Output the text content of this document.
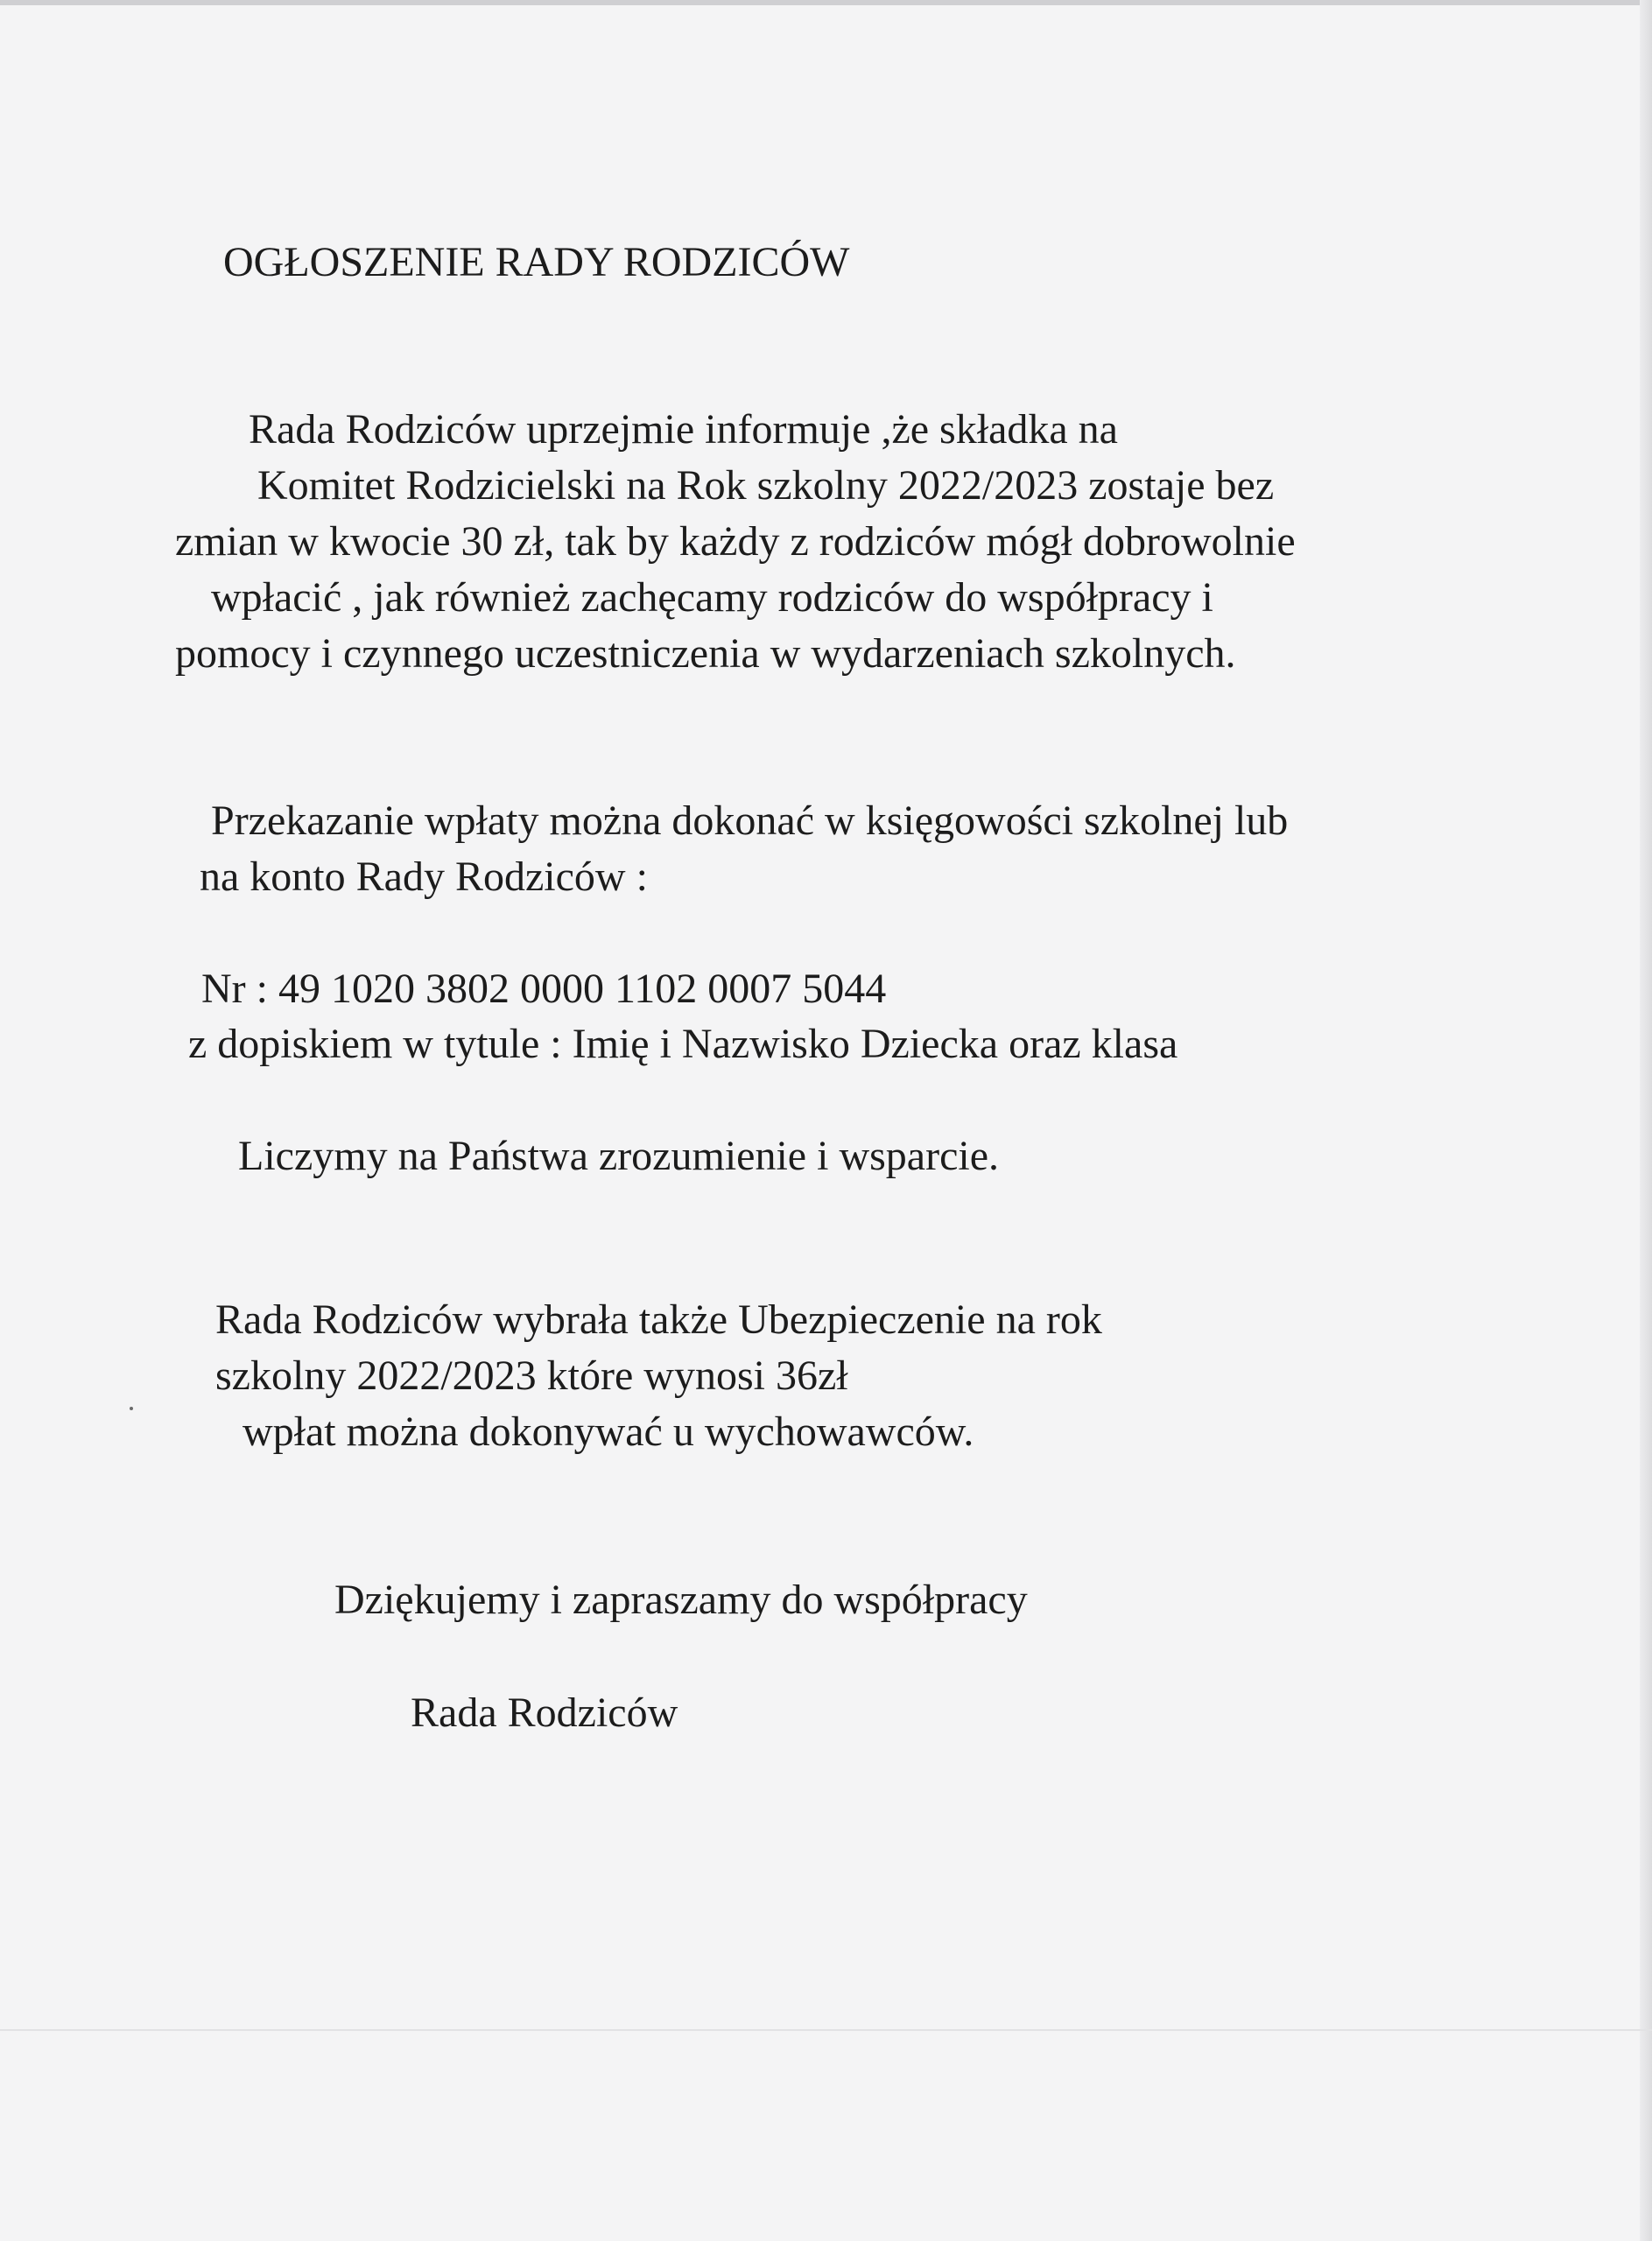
OGŁOSZENIE RADY RODZICÓW
Rada Rodziców uprzejmie informuje ,że składka na
Komitet Rodzicielski na Rok szkolny 2022/2023 zostaje bez
zmian w kwocie 30 zł, tak by każdy z rodziców mógł dobrowolnie
wpłacić , jak również zachęcamy rodziców do współpracy i
pomocy i czynnego uczestniczenia w wydarzeniach szkolnych.
Przekazanie wpłaty można dokonać w księgowości szkolnej lub
na konto Rady Rodziców :
Nr : 49 1020 3802 0000 1102 0007 5044
z dopiskiem w tytule : Imię i Nazwisko Dziecka oraz klasa
Liczymy na Państwa zrozumienie i wsparcie.
Rada Rodziców wybrała także Ubezpieczenie na rok
szkolny 2022/2023 które wynosi 36zł
wpłat można dokonywać u wychowawców.
Dziękujemy i zapraszamy do współpracy
Rada Rodziców
